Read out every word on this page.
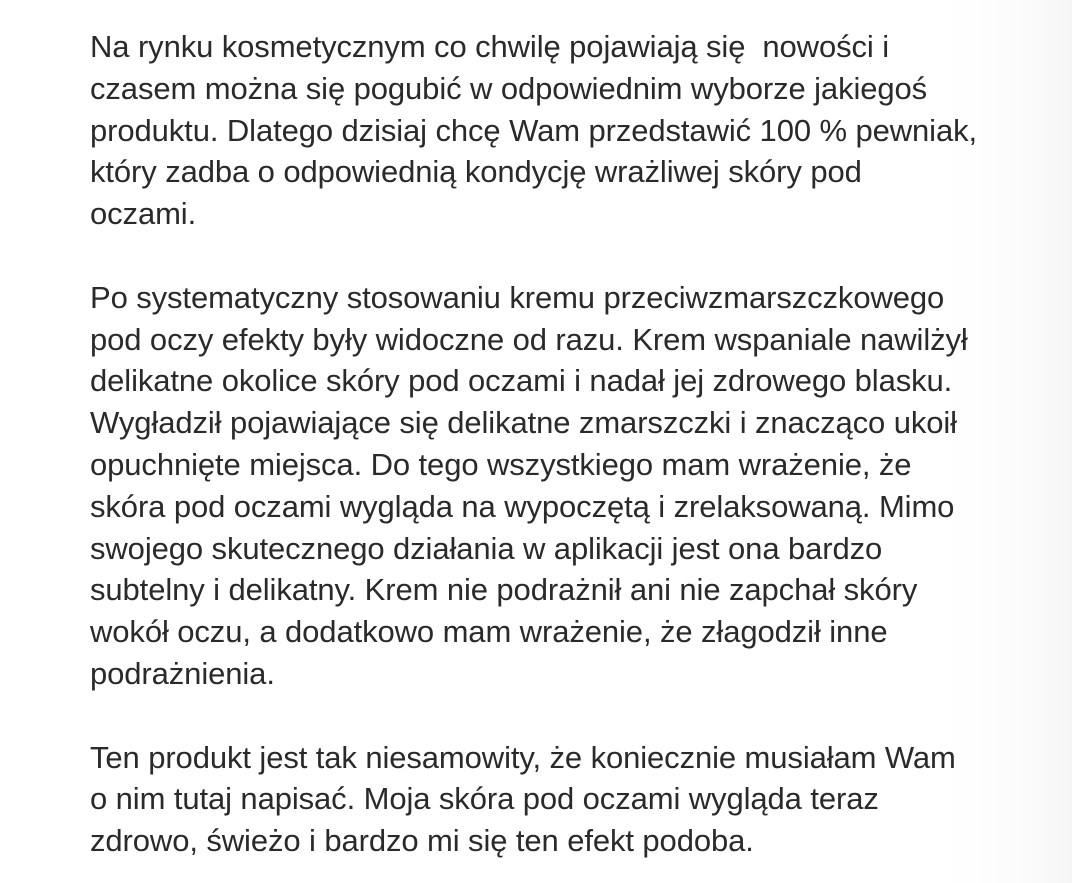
Na rynku kosmetycznym co chwilę pojawiają się  nowości i
czasem można się pogubić w odpowiednim wyborze jakiegoś
produktu. Dlatego dzisiaj chcę Wam przedstawić 100 % pewniak,
który zadba o odpowiednią kondycję wrażliwej skóry pod
oczami.

Po systematyczny stosowaniu kremu przeciwzmarszczkowego
pod oczy efekty były widoczne od razu. Krem wspaniale nawilżył
delikatne okolice skóry pod oczami i nadał jej zdrowego blasku.
Wygładził pojawiające się delikatne zmarszczki i znacząco ukoił
opuchnięte miejsca. Do tego wszystkiego mam wrażenie, że
skóra pod oczami wygląda na wypoczętą i zrelaksowaną. Mimo
swojego skutecznego działania w aplikacji jest ona bardzo
subtelny i delikatny. Krem nie podrażnił ani nie zapchał skóry
wokół oczu, a dodatkowo mam wrażenie, że złagodził inne
podrażnienia.

Ten produkt jest tak niesamowity, że koniecznie musiałam Wam
o nim tutaj napisać. Moja skóra pod oczami wygląda teraz
zdrowo, świeżo i bardzo mi się ten efekt podoba.
